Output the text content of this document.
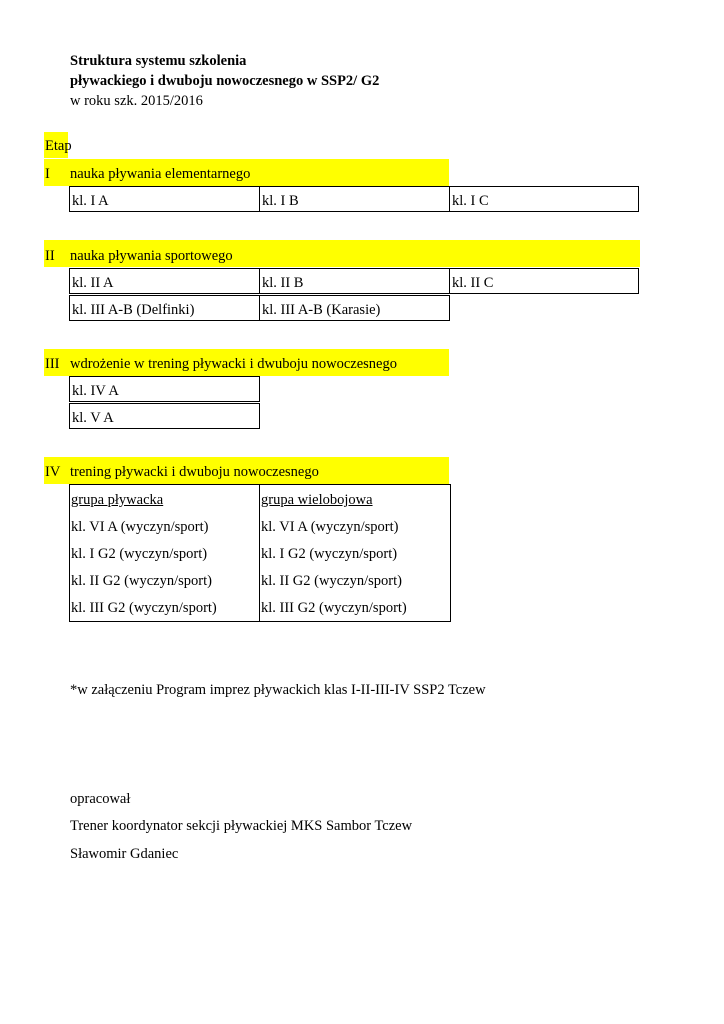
Struktura systemu szkolenia
pływackiego i dwuboju nowoczesnego w SSP2/ G2
w roku szk. 2015/2016
Etap
I	nauka pływania elementarnego
kl. I A	kl. I B	kl. I C
II	nauka pływania sportowego
kl. II A	kl. II B	kl. II C
kl. III A-B (Delfinki)	kl. III A-B (Karasie)
III wdrożenie w trening pływacki i dwuboju nowoczesnego
kl. IV A
kl. V A
IV trening pływacki i dwuboju nowoczesnego
grupa pływacka	grupa wielobojowa
kl. VI A (wyczyn/sport)	kl. VI A (wyczyn/sport)
kl. I G2 (wyczyn/sport)	kl. I G2 (wyczyn/sport)
kl. II G2 (wyczyn/sport)	kl. II G2 (wyczyn/sport)
kl. III G2 (wyczyn/sport)	kl. III G2 (wyczyn/sport)
*w załączeniu Program imprez pływackich klas I-II-III-IV SSP2 Tczew
opracował
Trener koordynator sekcji pływackiej MKS Sambor Tczew
Sławomir Gdaniec
